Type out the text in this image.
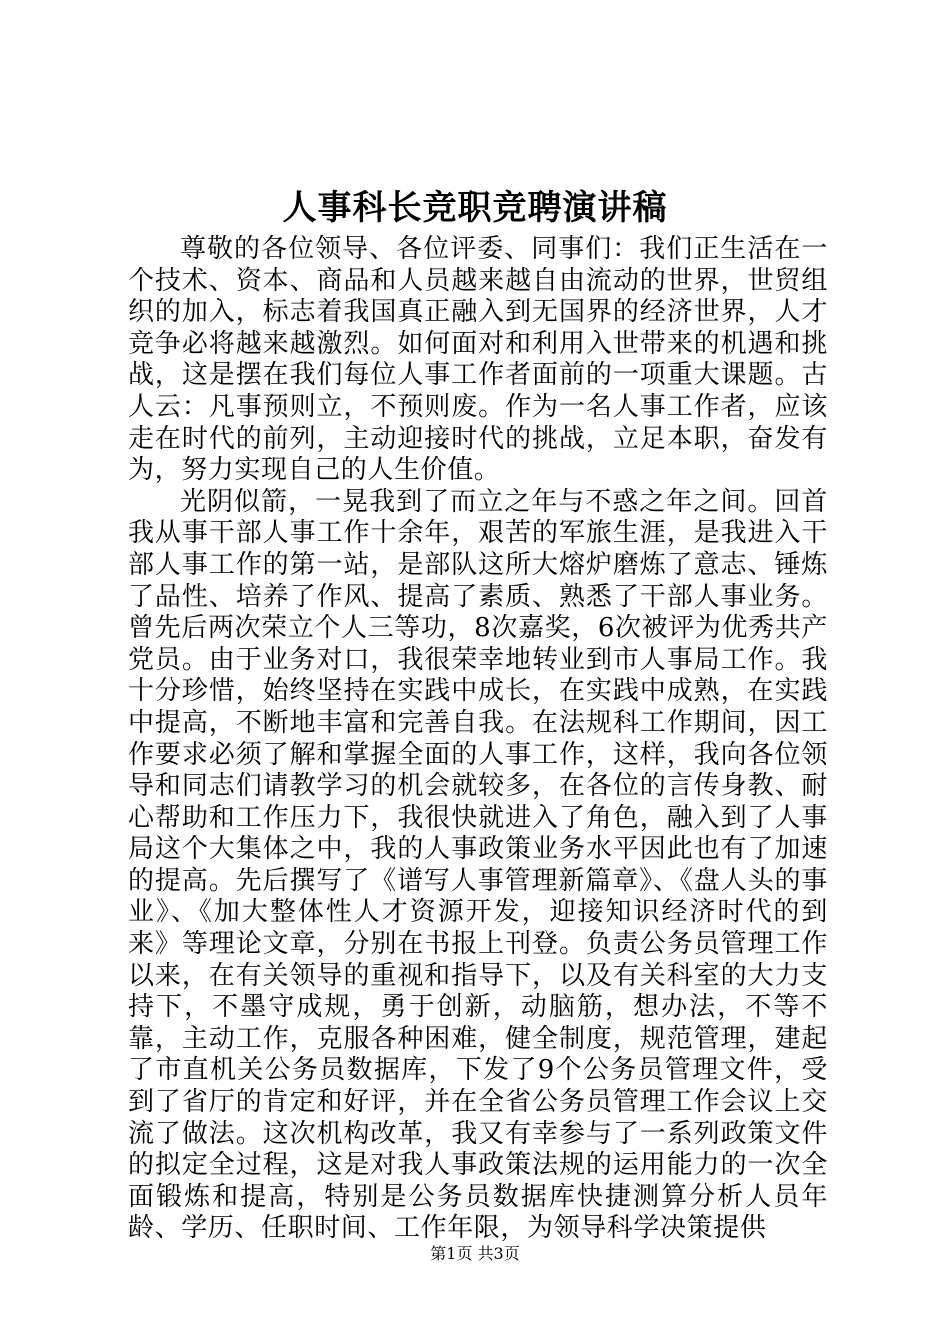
人事科长竞职竞聘演讲稿

尊敬的各位领导、各位评委、同事们：我们正生活在一个技术、资本、商品和人员越来越自由流动的世界，世贸组织的加入，标志着我国真正融入到无国界的经济世界，人才竞争必将越来越激烈。如何面对和利用入世带来的机遇和挑战，这是摆在我们每位人事工作者面前的一项重大课题。古人云：凡事预则立，不预则废。作为一名人事工作者，应该走在时代的前列，主动迎接时代的挑战，立足本职，奋发有为，努力实现自己的人生价值。

光阴似箭，一晃我到了而立之年与不惑之年之间。回首我从事干部人事工作十余年，艰苦的军旅生涯，是我进入干部人事工作的第一站，是部队这所大熔炉磨炼了意志、锤炼了品性、培养了作风、提高了素质、熟悉了干部人事业务。曾先后两次荣立个人三等功，8次嘉奖，6次被评为优秀共产党员。由于业务对口，我很荣幸地转业到市人事局工作。我十分珍惜，始终坚持在实践中成长，在实践中成熟，在实践中提高，不断地丰富和完善自我。在法规科工作期间，因工作要求必须了解和掌握全面的人事工作，这样，我向各位领导和同志们请教学习的机会就较多，在各位的言传身教、耐心帮助和工作压力下，我很快就进入了角色，融入到了人事局这个大集体之中，我的人事政策业务水平因此也有了加速的提高。先后撰写了《谱写人事管理新篇章》、《盘人头的事业》、《加大整体性人才资源开发，迎接知识经济时代的到来》等理论文章，分别在书报上刊登。负责公务员管理工作以来，在有关领导的重视和指导下，以及有关科室的大力支持下，不墨守成规，勇于创新，动脑筋，想办法，不等不靠，主动工作，克服各种困难，健全制度，规范管理，建起了市直机关公务员数据库，下发了9个公务员管理文件，受到了省厅的肯定和好评，并在全省公务员管理工作会议上交流了做法。这次机构改革，我又有幸参与了一系列政策文件的拟定全过程，这是对我人事政策法规的运用能力的一次全面锻炼和提高，特别是公务员数据库快捷测算分析人员年龄、学历、任职时间、工作年限，为领导科学决策提供

第1页 共3页
